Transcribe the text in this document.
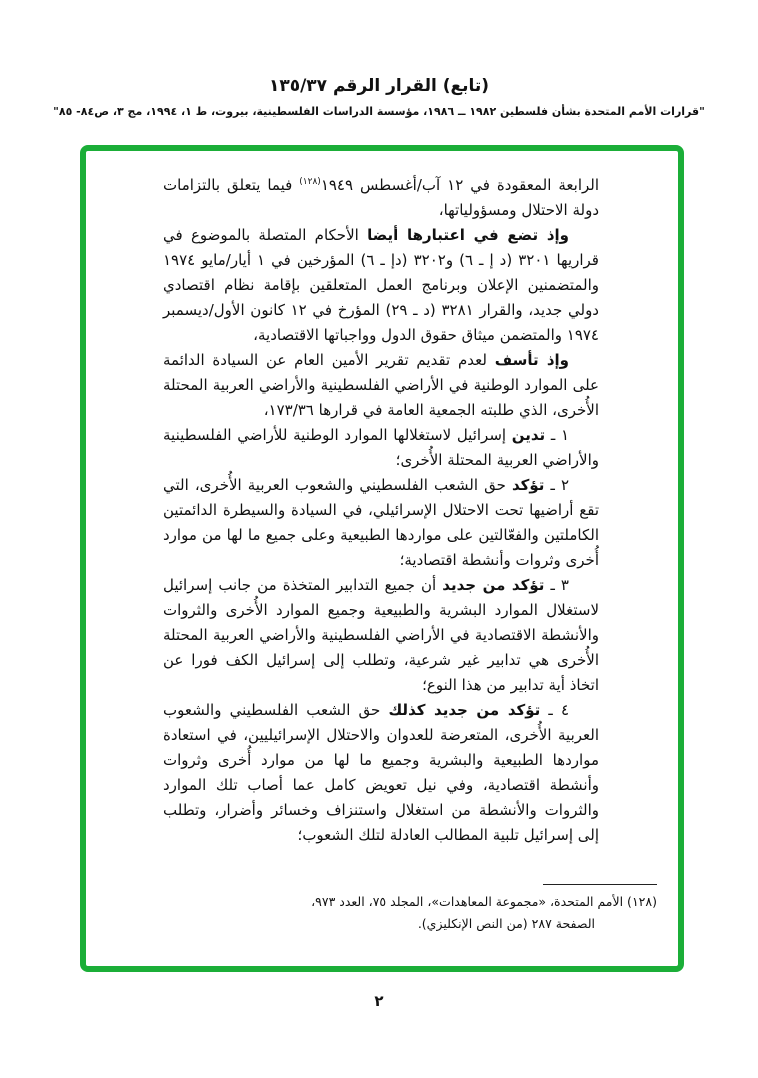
(تابع) القرار الرقم ١٣٥/٣٧
"قرارات الأمم المتحدة بشأن فلسطين ١٩٨٢ ــ ١٩٨٦، مؤسسة الدراسات الفلسطينية، بيروت، ط ١، ١٩٩٤، مج ٣، ص٨٤- ٨٥"

الرابعة المعقودة في ١٢ آب/أغسطس ١٩٤٩$^{(١٢٨)}$ فيما يتعلق بالتزامات دولة الاحتلال ومسؤولياتها،

وإذ تضع في اعتبارها أيضا الأحكام المتصلة بالموضوع في قراريها ٣٢٠١ (د إ ـ ٦) و٣٢٠٢ (دإ ـ ٦) المؤرخين في ١ أيار/مايو ١٩٧٤ والمتضمنين الإعلان وبرنامج العمل المتعلقين بإقامة نظام اقتصادي دولي جديد، والقرار ٣٢٨١ (د ـ ٢٩) المؤرخ في ١٢ كانون الأول/ديسمبر ١٩٧٤ والمتضمن ميثاق حقوق الدول وواجباتها الاقتصادية،

وإذ تأسف لعدم تقديم تقرير الأمين العام عن السيادة الدائمة على الموارد الوطنية في الأراضي الفلسطينية والأراضي العربية المحتلة الأُخرى، الذي طلبته الجمعية العامة في قرارها ١٧٣/٣٦،

١ ـ تدين إسرائيل لاستغلالها الموارد الوطنية للأراضي الفلسطينية والأراضي العربية المحتلة الأُخرى؛

٢ ـ تؤكد حق الشعب الفلسطيني والشعوب العربية الأُخرى، التي تقع أراضيها تحت الاحتلال الإسرائيلي، في السيادة والسيطرة الدائمتين الكاملتين والفعّالتين على مواردها الطبيعية وعلى جميع ما لها من موارد أُخرى وثروات وأنشطة اقتصادية؛

٣ ـ تؤكد من جديد أن جميع التدابير المتخذة من جانب إسرائيل لاستغلال الموارد البشرية والطبيعية وجميع الموارد الأُخرى والثروات والأنشطة الاقتصادية في الأراضي الفلسطينية والأراضي العربية المحتلة الأُخرى هي تدابير غير شرعية، وتطلب إلى إسرائيل الكف فورا عن اتخاذ أية تدابير من هذا النوع؛

٤ ـ تؤكد من جديد كذلك حق الشعب الفلسطيني والشعوب العربية الأُخرى، المتعرضة للعدوان والاحتلال الإسرائيليين، في استعادة مواردها الطبيعية والبشرية وجميع ما لها من موارد أُخرى وثروات وأنشطة اقتصادية، وفي نيل تعويض كامل عما أصاب تلك الموارد والثروات والأنشطة من استغلال واستنزاف وخسائر وأضرار، وتطلب إلى إسرائيل تلبية المطالب العادلة لتلك الشعوب؛

(١٢٨) الأمم المتحدة، «مجموعة المعاهدات»، المجلد ٧٥، العدد ٩٧٣،
الصفحة ٢٨٧ (من النص الإنكليزي).
٢
